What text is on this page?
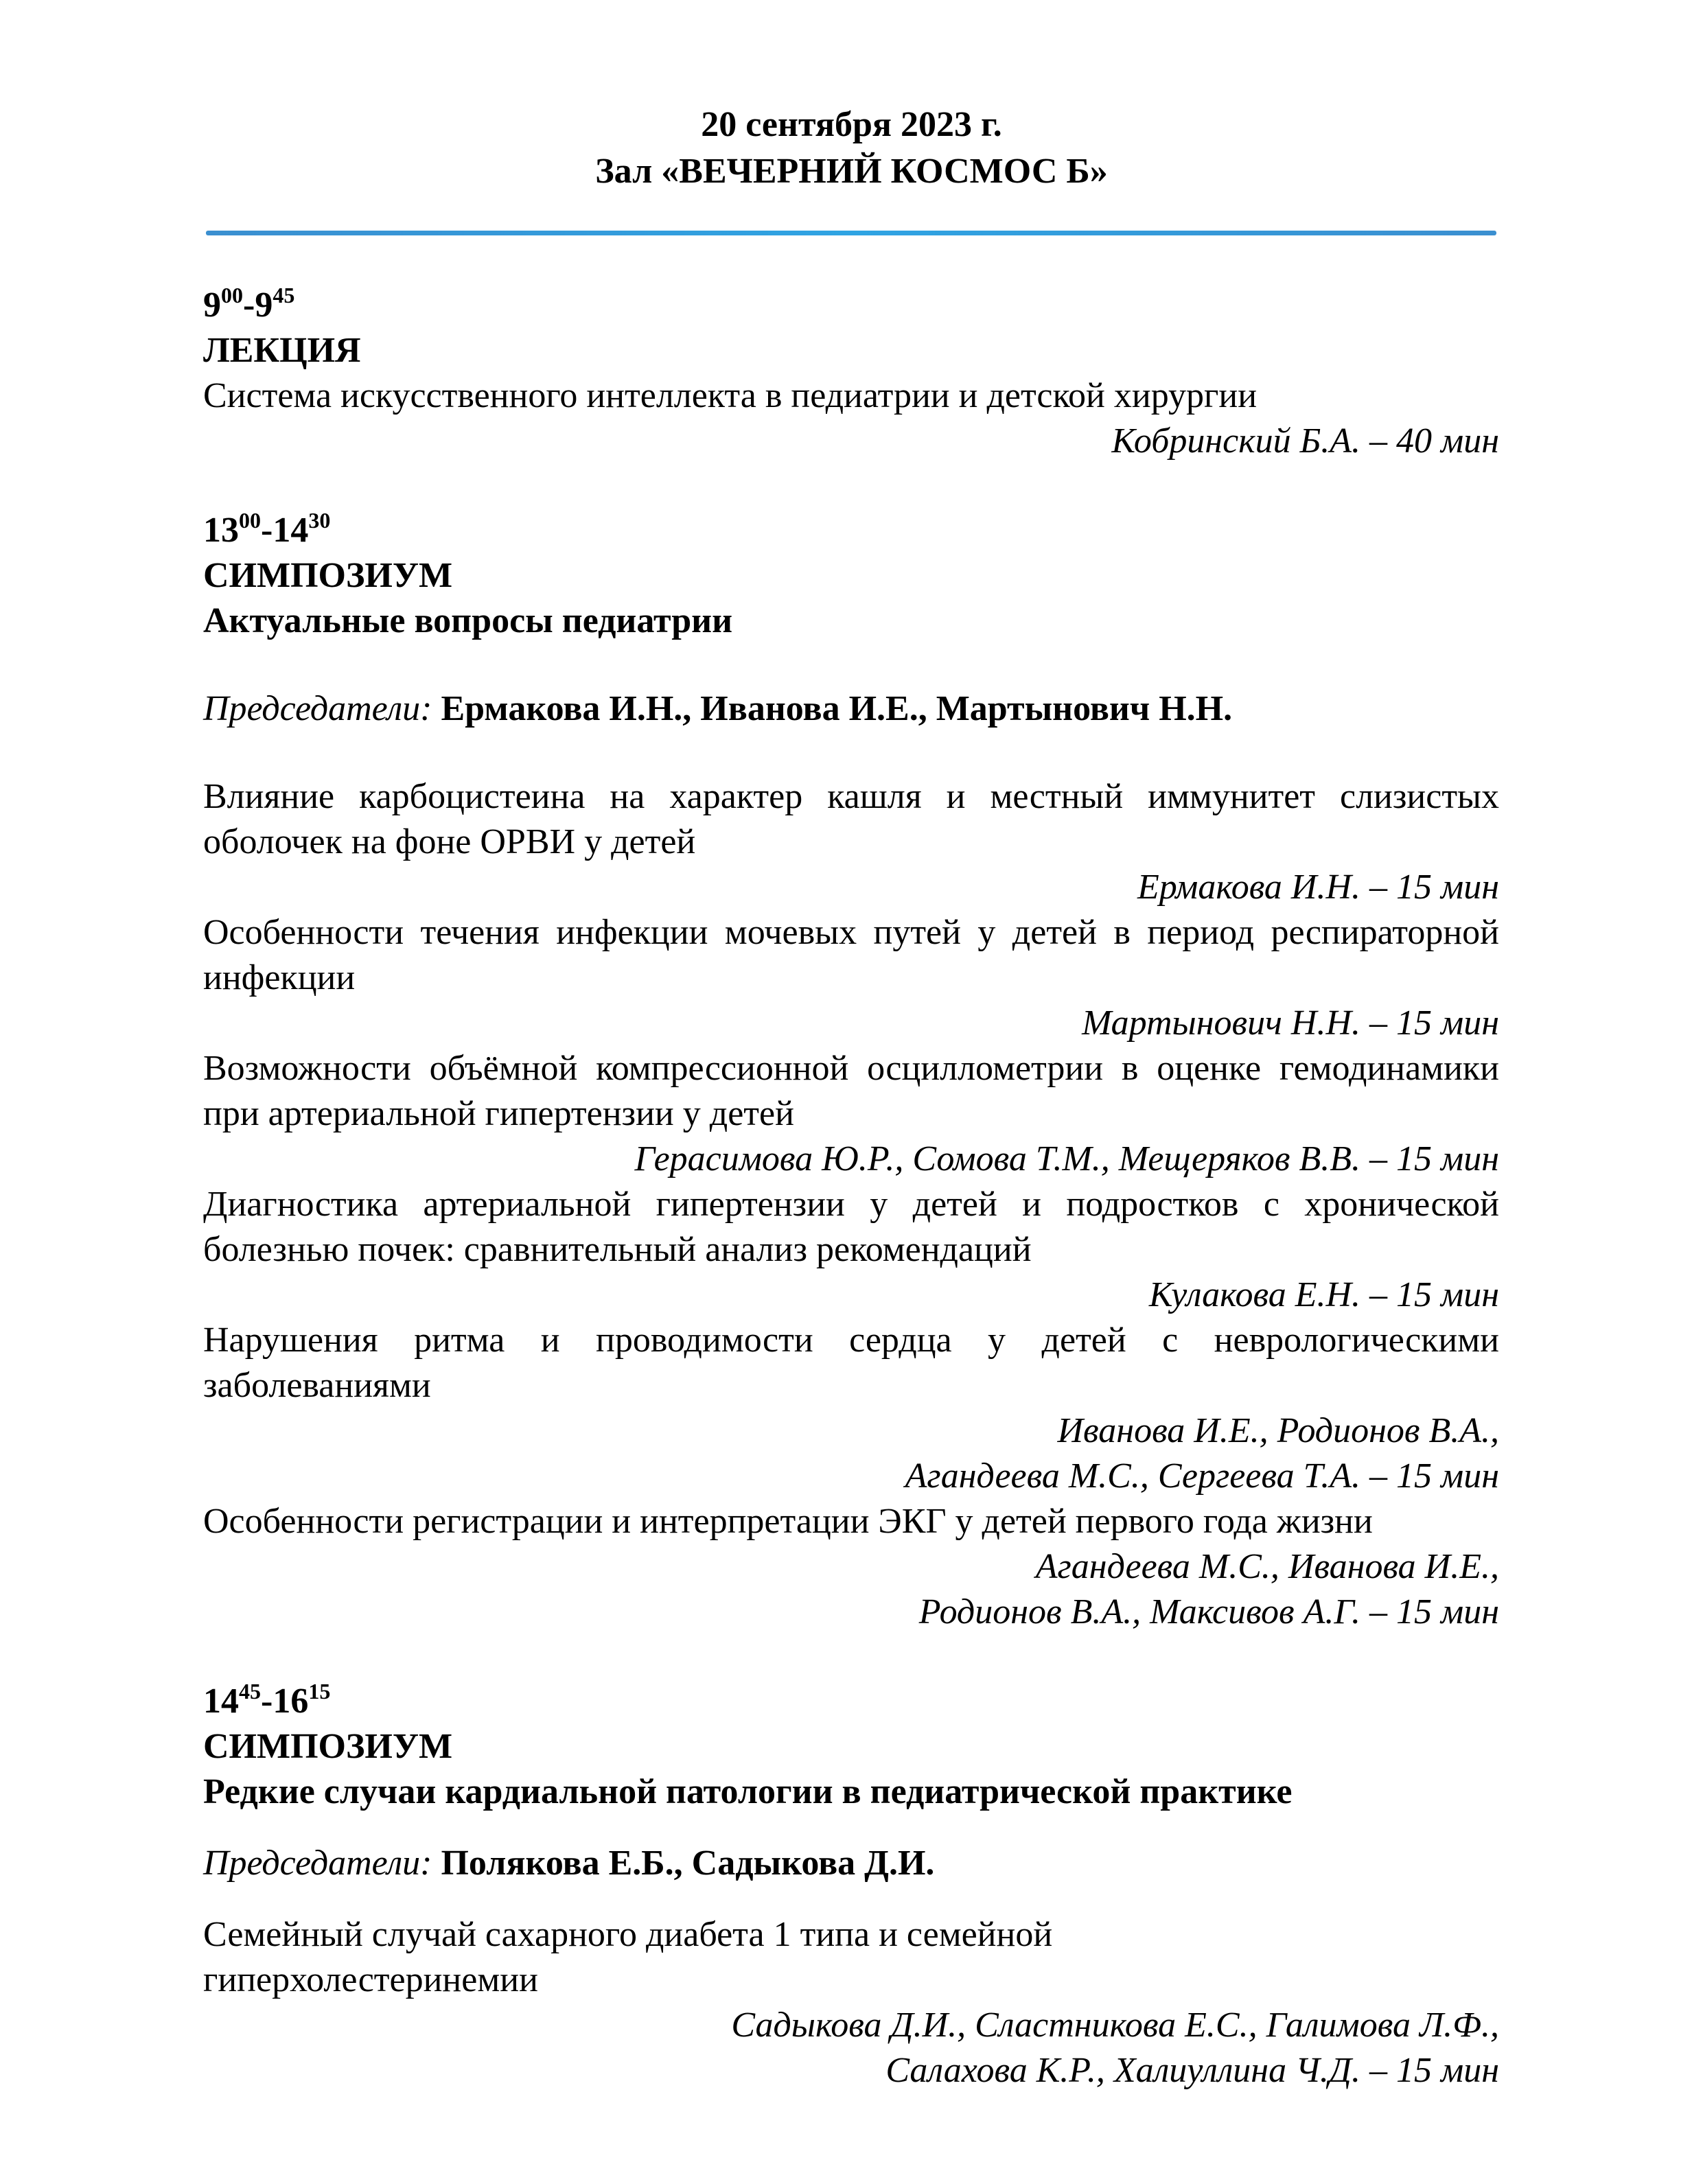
20 сентября 2023 г.
Зал «ВЕЧЕРНИЙ КОСМОС Б»
$9^{00}-9^{45}$
ЛЕКЦИЯ
Система искусственного интеллекта в педиатрии и детской хирургии
Кобринский Б.А. – 40 мин
$13^{00}-14^{30}$
СИМПОЗИУМ
Актуальные вопросы педиатрии
Председатели: Ермакова И.Н., Иванова И.Е., Мартынович Н.Н.
Влияние карбоцистеина на характер кашля и местный иммунитет слизистых оболочек на фоне ОРВИ у детей
Ермакова И.Н. – 15 мин
Особенности течения инфекции мочевых путей у детей в период респираторной инфекции
Мартынович Н.Н. – 15 мин
Возможности объёмной компрессионной осциллометрии в оценке гемодинамики при артериальной гипертензии у детей
Герасимова Ю.Р., Сомова Т.М., Мещеряков В.В. – 15 мин
Диагностика артериальной гипертензии у детей и подростков с хронической болезнью почек: сравнительный анализ рекомендаций
Кулакова Е.Н. – 15 мин
Нарушения ритма и проводимости сердца у детей с неврологическими заболеваниями
Иванова И.Е., Родионов В.А.,
Агандеева М.С., Сергеева Т.А. – 15 мин
Особенности регистрации и интерпретации ЭКГ у детей первого года жизни
Агандеева М.С., Иванова И.Е.,
Родионов В.А., Максивов А.Г. – 15 мин
$14^{45}-16^{15}$
СИМПОЗИУМ
Редкие случаи кардиальной патологии в педиатрической практике
Председатели: Полякова Е.Б., Садыкова Д.И.
Семейный случай сахарного диабета 1 типа и семейной
гиперхолестеринемии
Садыкова Д.И., Сластникова Е.С., Галимова Л.Ф.,
Салахова К.Р., Халиуллина Ч.Д. – 15 мин
